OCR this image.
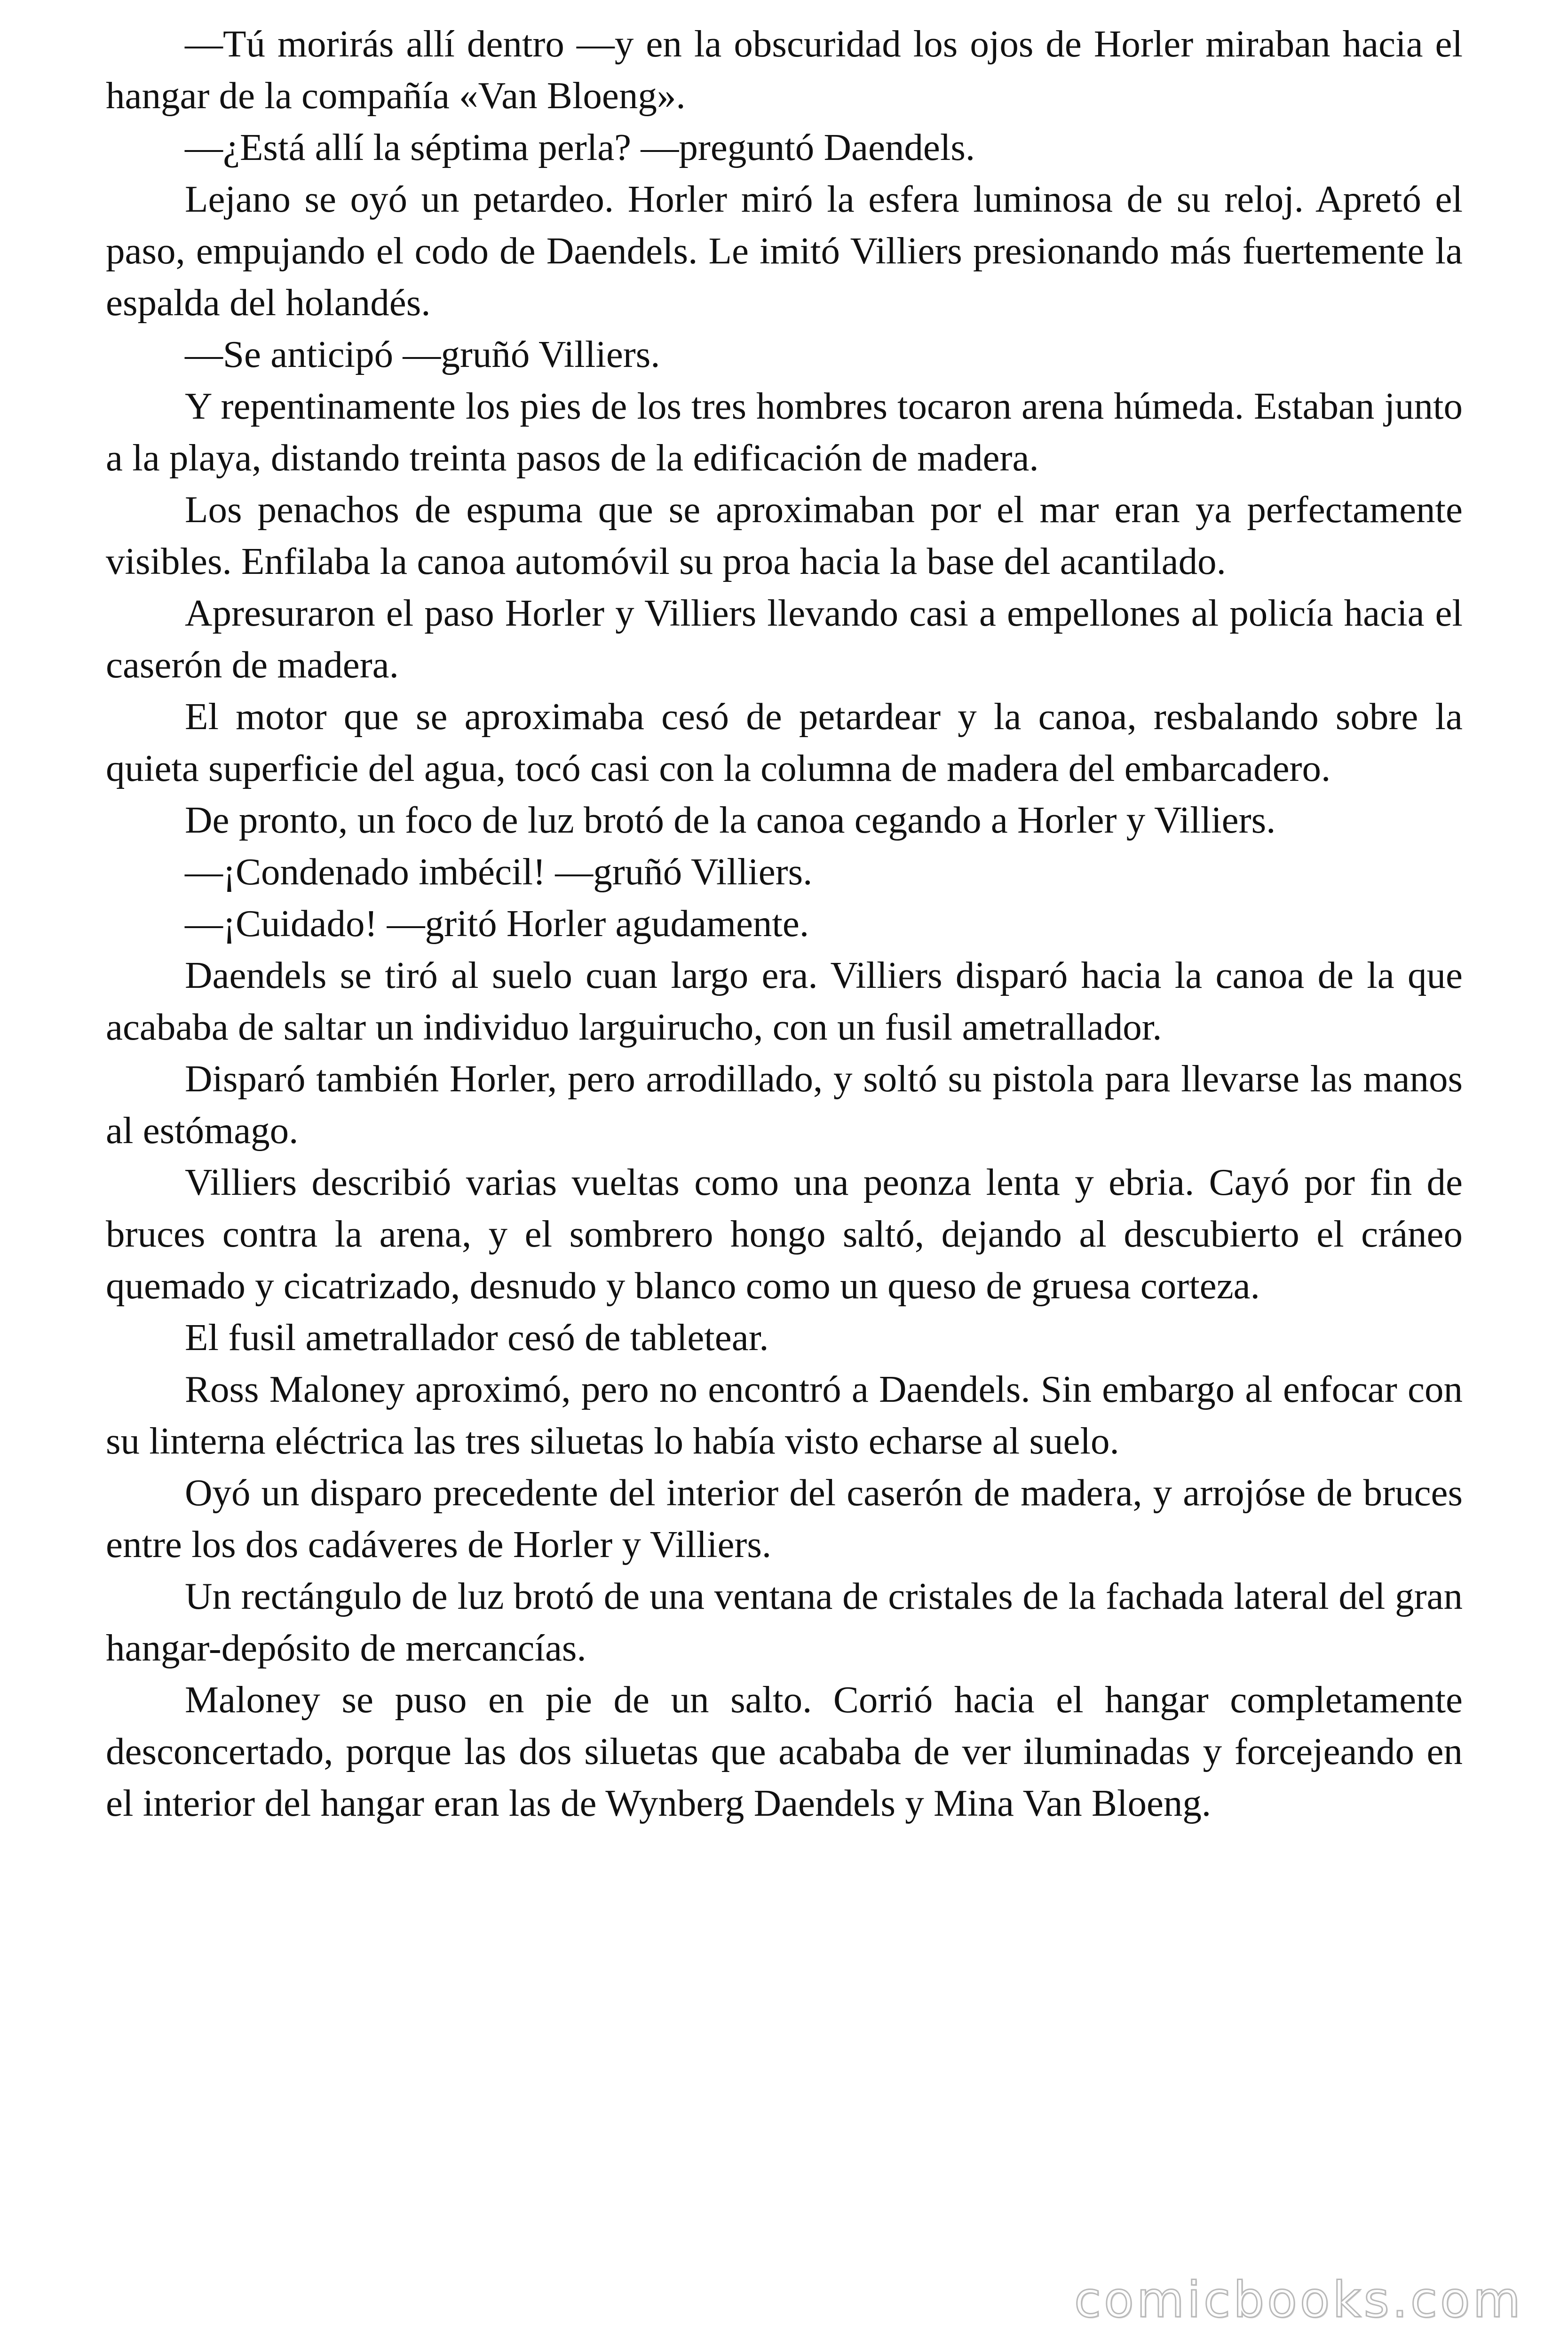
—Tú morirás allí dentro —y en la obscuridad los ojos de Horler miraban hacia el hangar de la compañía «Van Bloeng».

—¿Está allí la séptima perla? —preguntó Daendels.

Lejano se oyó un petardeo. Horler miró la esfera luminosa de su reloj. Apretó el paso, empujando el codo de Daendels. Le imitó Villiers presionando más fuertemente la espalda del holandés.

—Se anticipó —gruñó Villiers.

Y repentinamente los pies de los tres hombres tocaron arena húmeda. Estaban junto a la playa, distando treinta pasos de la edificación de madera.

Los penachos de espuma que se aproximaban por el mar eran ya perfectamente visibles. Enfilaba la canoa automóvil su proa hacia la base del acantilado.

Apresuraron el paso Horler y Villiers llevando casi a empellones al policía hacia el caserón de madera.

El motor que se aproximaba cesó de petardear y la canoa, resbalando sobre la quieta superficie del agua, tocó casi con la columna de madera del embarcadero.

De pronto, un foco de luz brotó de la canoa cegando a Horler y Villiers.

—¡Condenado imbécil! —gruñó Villiers.

—¡Cuidado! —gritó Horler agudamente.

Daendels se tiró al suelo cuan largo era. Villiers disparó hacia la canoa de la que acababa de saltar un individuo larguirucho, con un fusil ametrallador.

Disparó también Horler, pero arrodillado, y soltó su pistola para llevarse las manos al estómago.

Villiers describió varias vueltas como una peonza lenta y ebria. Cayó por fin de bruces contra la arena, y el sombrero hongo saltó, dejando al descubierto el cráneo quemado y cicatrizado, desnudo y blanco como un queso de gruesa corteza.

El fusil ametrallador cesó de tabletear.

Ross Maloney aproximó, pero no encontró a Daendels. Sin embargo al enfocar con su linterna eléctrica las tres siluetas lo había visto echarse al suelo.

Oyó un disparo precedente del interior del caserón de madera, y arrojóse de bruces entre los dos cadáveres de Horler y Villiers.

Un rectángulo de luz brotó de una ventana de cristales de la fachada lateral del gran hangar-depósito de mercancías.

Maloney se puso en pie de un salto. Corrió hacia el hangar completamente desconcertado, porque las dos siluetas que acababa de ver iluminadas y forcejeando en el interior del hangar eran las de Wynberg Daendels y Mina Van Bloeng.

comicbooks.com
